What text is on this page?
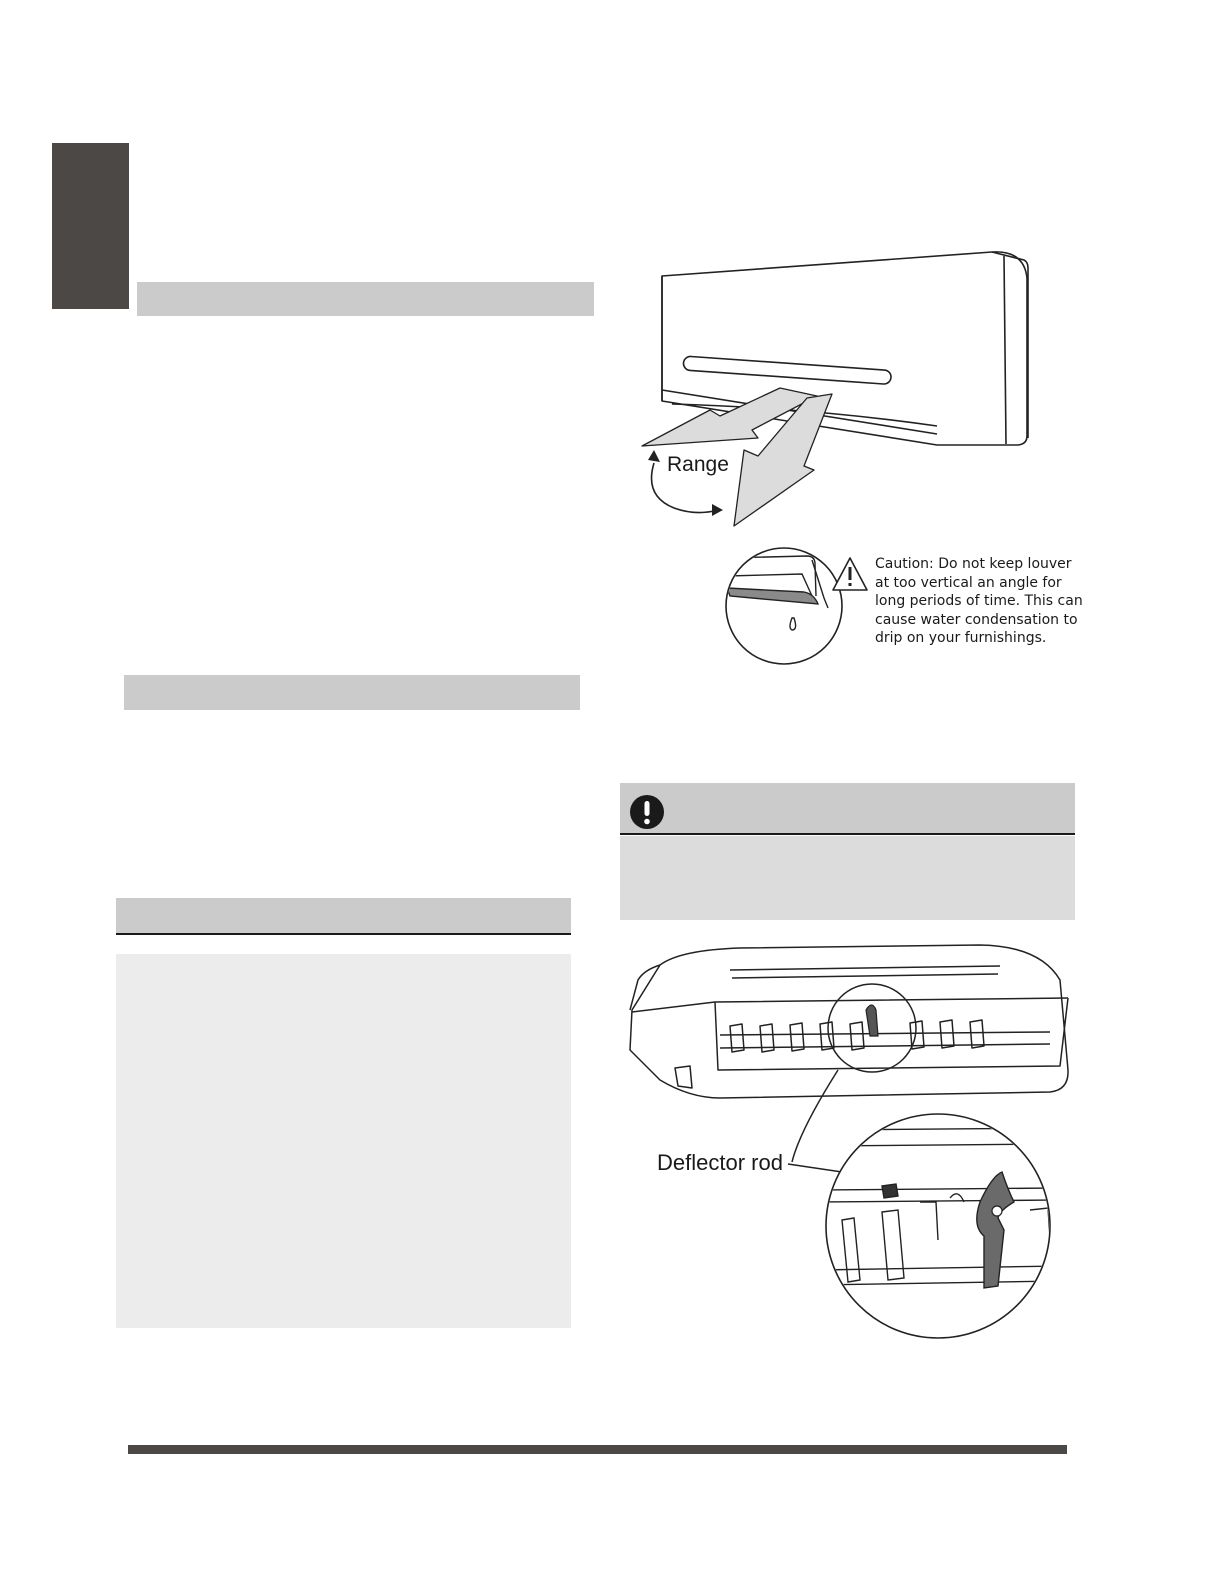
Range
Caution: Do not keep louver
at too vertical an angle for
long periods of time. This can
cause water condensation to
drip on your furnishings.
Deflector rod
